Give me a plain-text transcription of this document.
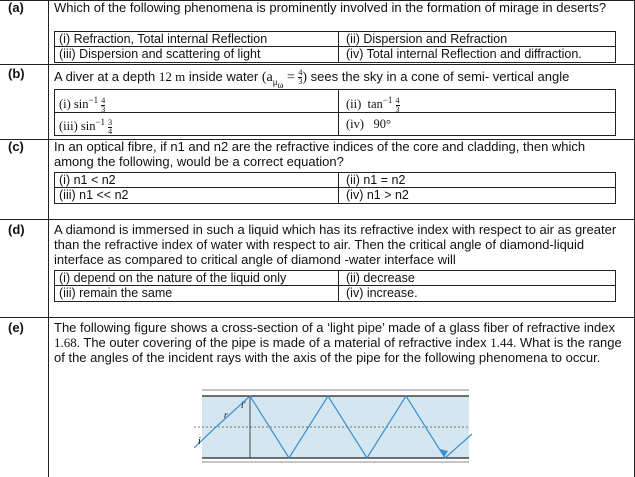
(a)	Which of the following phenomena is prominently involved in the formation of mirage in deserts?
(i) Refraction, Total internal Reflection	(ii) Dispersion and Refraction
(iii) Dispersion and scattering of light	(iv) Total internal Reflection and diffraction.
(b)	A diver at a depth 12 m inside water ($a_{\mu_\omega} = \frac{4}{3}$ ) sees the sky in a cone of semi- vertical angle
(i) $\sin^{-1} \frac{4}{3}$	(ii) $\tan^{-1} \frac{4}{3}$
(iii) $\sin^{-1} \frac{3}{4}$	(iv) 90°
(c)	In an optical fibre, if n1 and n2 are the refractive indices of the core and cladding, then which among the following, would be a correct equation?
(i) n1 < n2	(ii) n1 = n2
(iii) n1 << n2	(iv) n1 > n2
(d)	A diamond is immersed in such a liquid which has its refractive index with respect to air as greater than the refractive index of water with respect to air. Then the critical angle of diamond-liquid interface as compared to critical angle of diamond -water interface will
(i) depend on the nature of the liquid only	(ii) decrease
(iii) remain the same	(iv) increase.
(e)	The following figure shows a cross-section of a ‘light pipe’ made of a glass fiber of refractive index 1.68. The outer covering of the pipe is made of a material of refractive index 1.44. What is the range of the angles of the incident rays with the axis of the pipe for the following phenomena to occur.
i
r
i′
